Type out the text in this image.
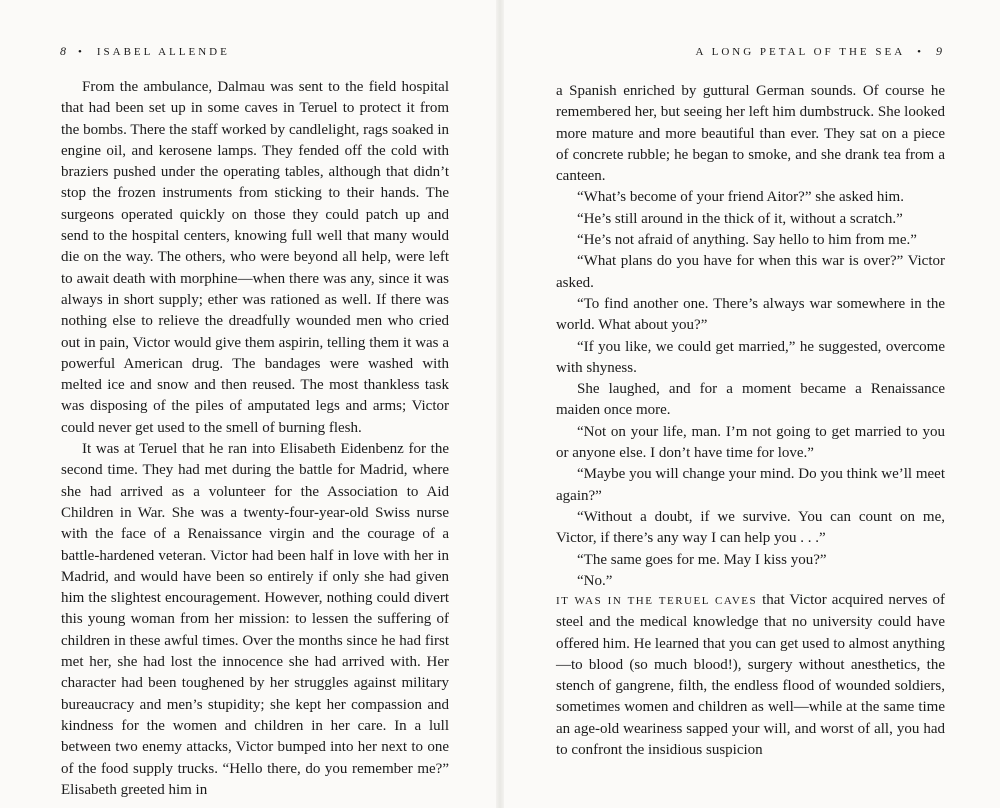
8 • ISABEL ALLENDE

From the ambulance, Dalmau was sent to the field hospital that had been set up in some caves in Teruel to protect it from the bombs. There the staff worked by candlelight, rags soaked in engine oil, and kerosene lamps. They fended off the cold with braziers pushed under the operating tables, although that didn’t stop the frozen instruments from sticking to their hands. The surgeons operated quickly on those they could patch up and send to the hospital centers, knowing full well that many would die on the way. The others, who were beyond all help, were left to await death with morphine—when there was any, since it was always in short supply; ether was rationed as well. If there was nothing else to relieve the dreadfully wounded men who cried out in pain, Victor would give them aspirin, telling them it was a powerful American drug. The bandages were washed with melted ice and snow and then reused. The most thankless task was disposing of the piles of amputated legs and arms; Victor could never get used to the smell of burning flesh.

It was at Teruel that he ran into Elisabeth Eidenbenz for the second time. They had met during the battle for Madrid, where she had arrived as a volunteer for the Association to Aid Children in War. She was a twenty-four-year-old Swiss nurse with the face of a Renaissance virgin and the courage of a battle-hardened veteran. Victor had been half in love with her in Madrid, and would have been so entirely if only she had given him the slightest encouragement. However, nothing could divert this young woman from her mission: to lessen the suffering of children in these awful times. Over the months since he had first met her, she had lost the innocence she had arrived with. Her character had been toughened by her struggles against military bureaucracy and men’s stupidity; she kept her compassion and kindness for the women and children in her care. In a lull between two enemy attacks, Victor bumped into her next to one of the food supply trucks. “Hello there, do you remember me?” Elisabeth greeted him in

A LONG PETAL OF THE SEA • 9

a Spanish enriched by guttural German sounds. Of course he remembered her, but seeing her left him dumbstruck. She looked more mature and more beautiful than ever. They sat on a piece of concrete rubble; he began to smoke, and she drank tea from a canteen.

“What’s become of your friend Aitor?” she asked him.

“He’s still around in the thick of it, without a scratch.”

“He’s not afraid of anything. Say hello to him from me.”

“What plans do you have for when this war is over?” Victor asked.

“To find another one. There’s always war somewhere in the world. What about you?”

“If you like, we could get married,” he suggested, overcome with shyness.

She laughed, and for a moment became a Renaissance maiden once more.

“Not on your life, man. I’m not going to get married to you or anyone else. I don’t have time for love.”

“Maybe you will change your mind. Do you think we’ll meet again?”

“Without a doubt, if we survive. You can count on me, Victor, if there’s any way I can help you . . .”

“The same goes for me. May I kiss you?”

“No.”

IT WAS IN THE TERUEL CAVES that Victor acquired nerves of steel and the medical knowledge that no university could have offered him. He learned that you can get used to almost anything—to blood (so much blood!), surgery without anesthetics, the stench of gangrene, filth, the endless flood of wounded soldiers, sometimes women and children as well—while at the same time an age-old weariness sapped your will, and worst of all, you had to confront the insidious suspicion
